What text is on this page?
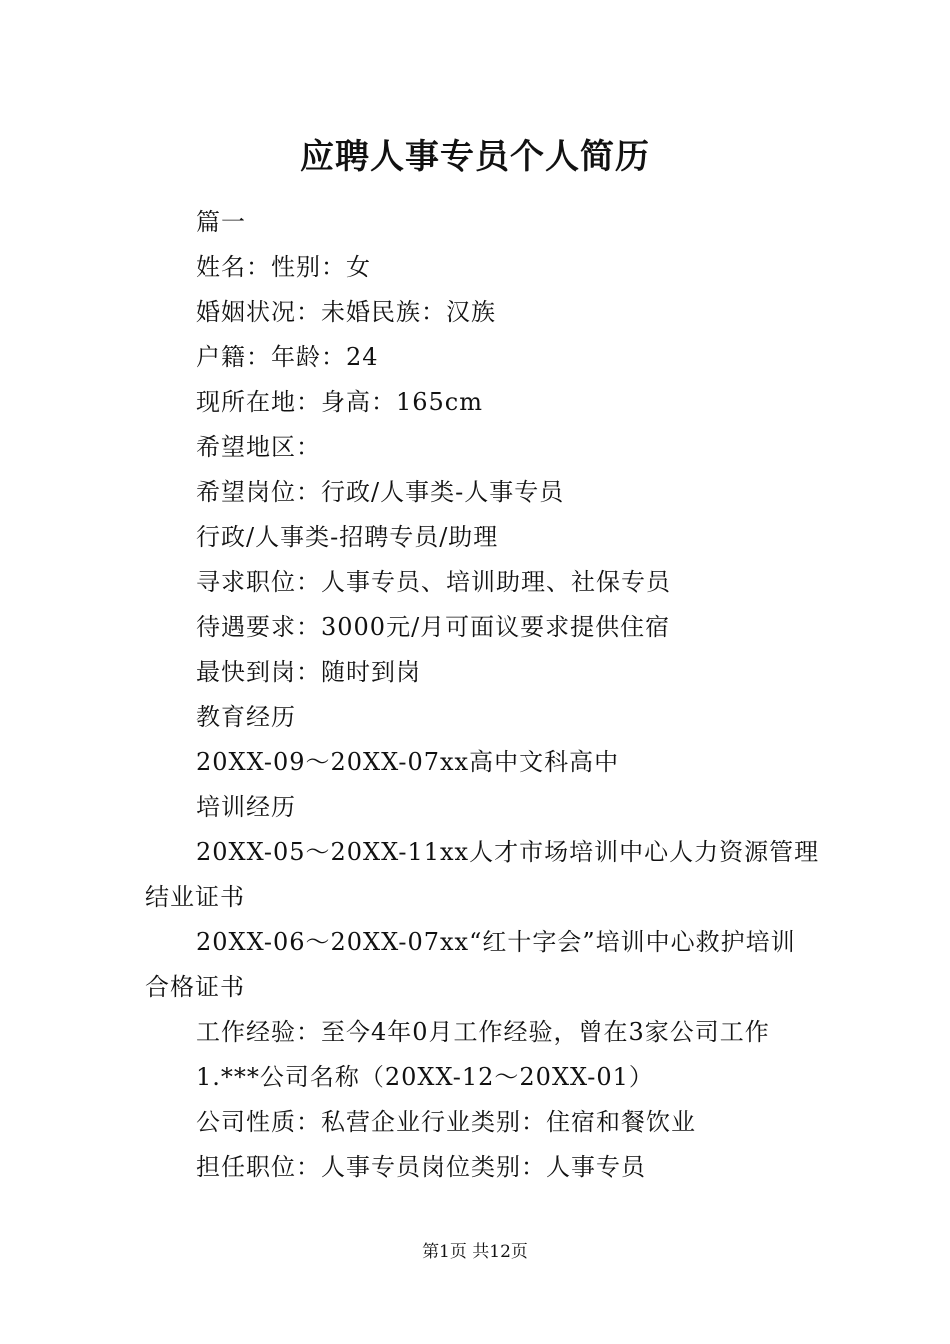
应聘人事专员个人简历
篇一
姓名：性别：女
婚姻状况：未婚民族：汉族
户籍：年龄：24
现所在地：身高：165cm
希望地区：
希望岗位：行政/人事类-人事专员
行政/人事类-招聘专员/助理
寻求职位：人事专员、培训助理、社保专员
待遇要求：3000元/月可面议要求提供住宿
最快到岗：随时到岗
教育经历
20XX-09～20XX-07xx高中文科高中
培训经历
20XX-05～20XX-11xx人才市场培训中心人力资源管理
结业证书
20XX-06～20XX-07xx“红十字会”培训中心救护培训
合格证书
工作经验：至今4年0月工作经验，曾在3家公司工作
1.***公司名称（20XX-12～20XX-01）
公司性质：私营企业行业类别：住宿和餐饮业
担任职位：人事专员岗位类别：人事专员
第1页 共12页
